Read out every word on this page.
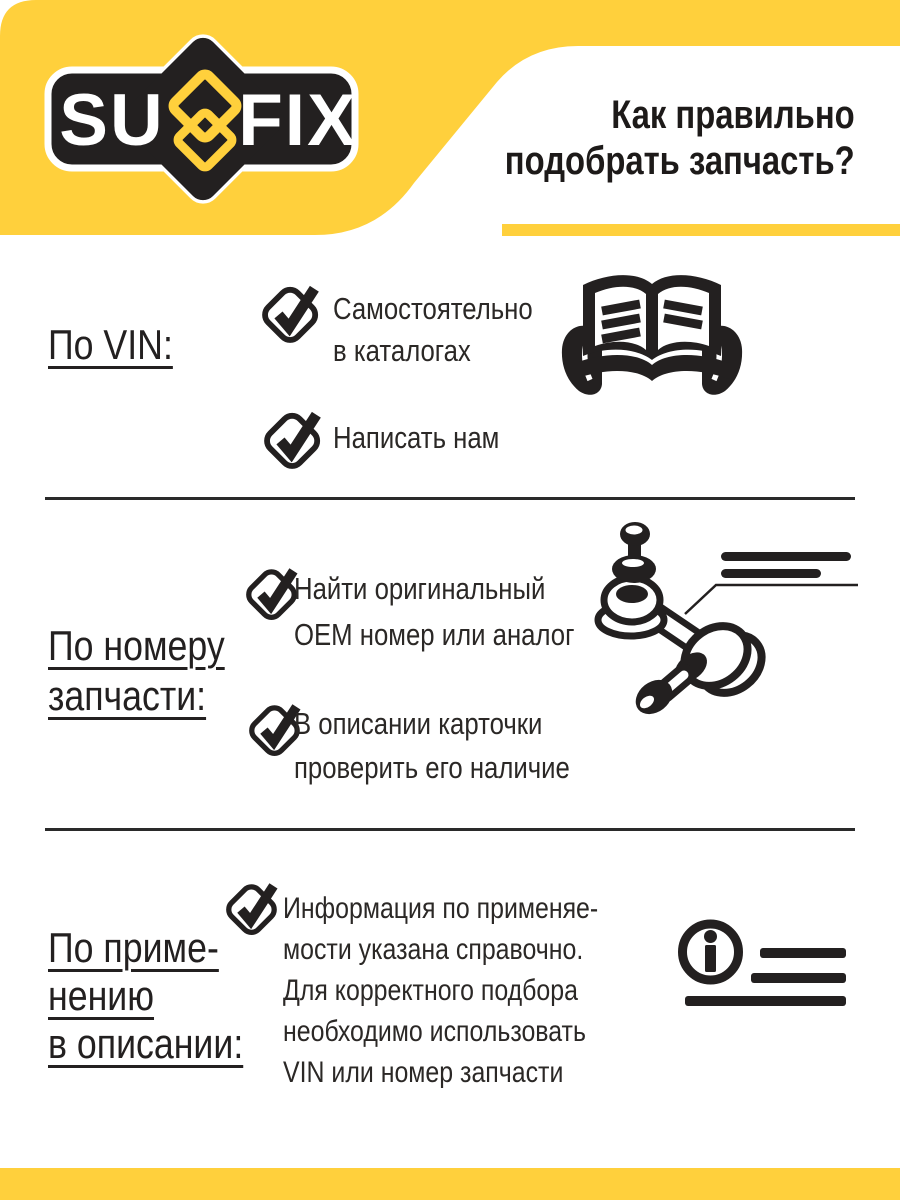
SU FIX	Как правильно
подобрать запчасть?
По VIN:
Самостоятельно
в каталогах
Написать нам
По номеру
запчасти:
Найти оригинальный
OEM номер или аналог
В описании карточки
проверить его наличие
По приме-
нению
в описании:
Информация по применяе-
мости указана справочно.
Для корректного подбора
необходимо использовать
VIN или номер запчасти
